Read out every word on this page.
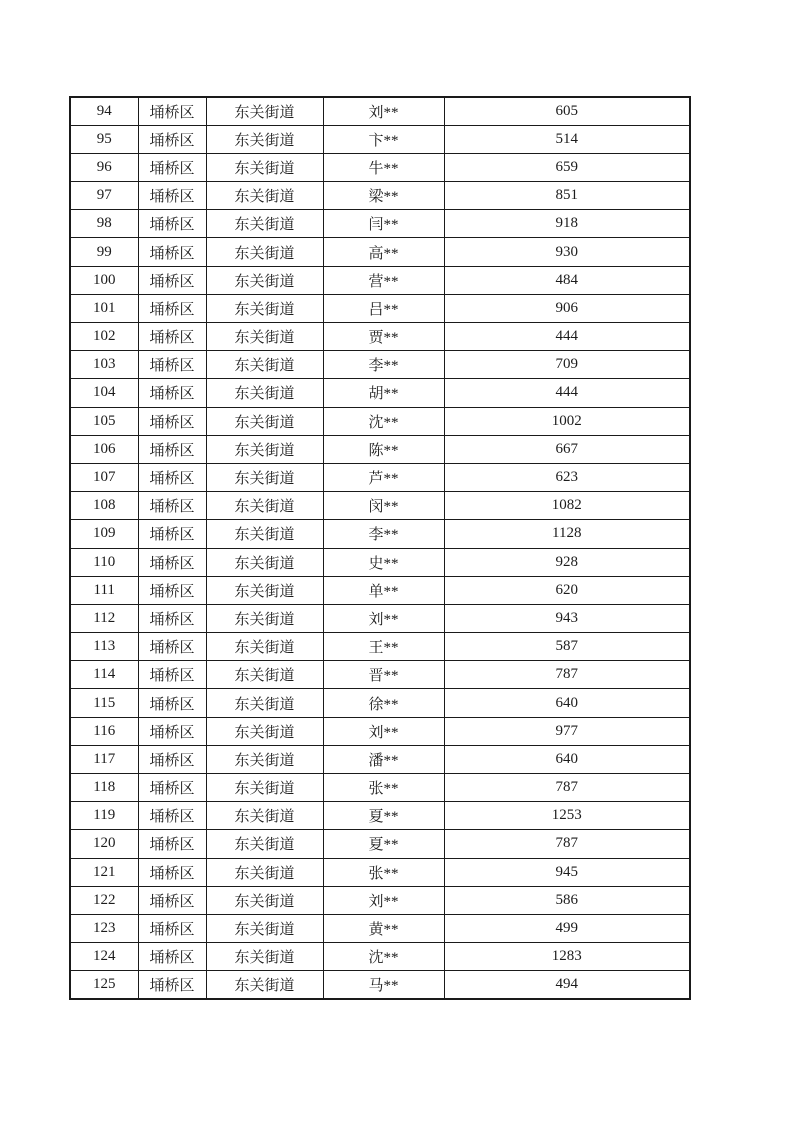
94	埇桥区	东关街道	刘**	605
95	埇桥区	东关街道	卞**	514
96	埇桥区	东关街道	牛**	659
97	埇桥区	东关街道	梁**	851
98	埇桥区	东关街道	闫**	918
99	埇桥区	东关街道	高**	930
100	埇桥区	东关街道	营**	484
101	埇桥区	东关街道	吕**	906
102	埇桥区	东关街道	贾**	444
103	埇桥区	东关街道	李**	709
104	埇桥区	东关街道	胡**	444
105	埇桥区	东关街道	沈**	1002
106	埇桥区	东关街道	陈**	667
107	埇桥区	东关街道	芦**	623
108	埇桥区	东关街道	闵**	1082
109	埇桥区	东关街道	李**	1128
110	埇桥区	东关街道	史**	928
111	埇桥区	东关街道	单**	620
112	埇桥区	东关街道	刘**	943
113	埇桥区	东关街道	王**	587
114	埇桥区	东关街道	晋**	787
115	埇桥区	东关街道	徐**	640
116	埇桥区	东关街道	刘**	977
117	埇桥区	东关街道	潘**	640
118	埇桥区	东关街道	张**	787
119	埇桥区	东关街道	夏**	1253
120	埇桥区	东关街道	夏**	787
121	埇桥区	东关街道	张**	945
122	埇桥区	东关街道	刘**	586
123	埇桥区	东关街道	黄**	499
124	埇桥区	东关街道	沈**	1283
125	埇桥区	东关街道	马**	494
